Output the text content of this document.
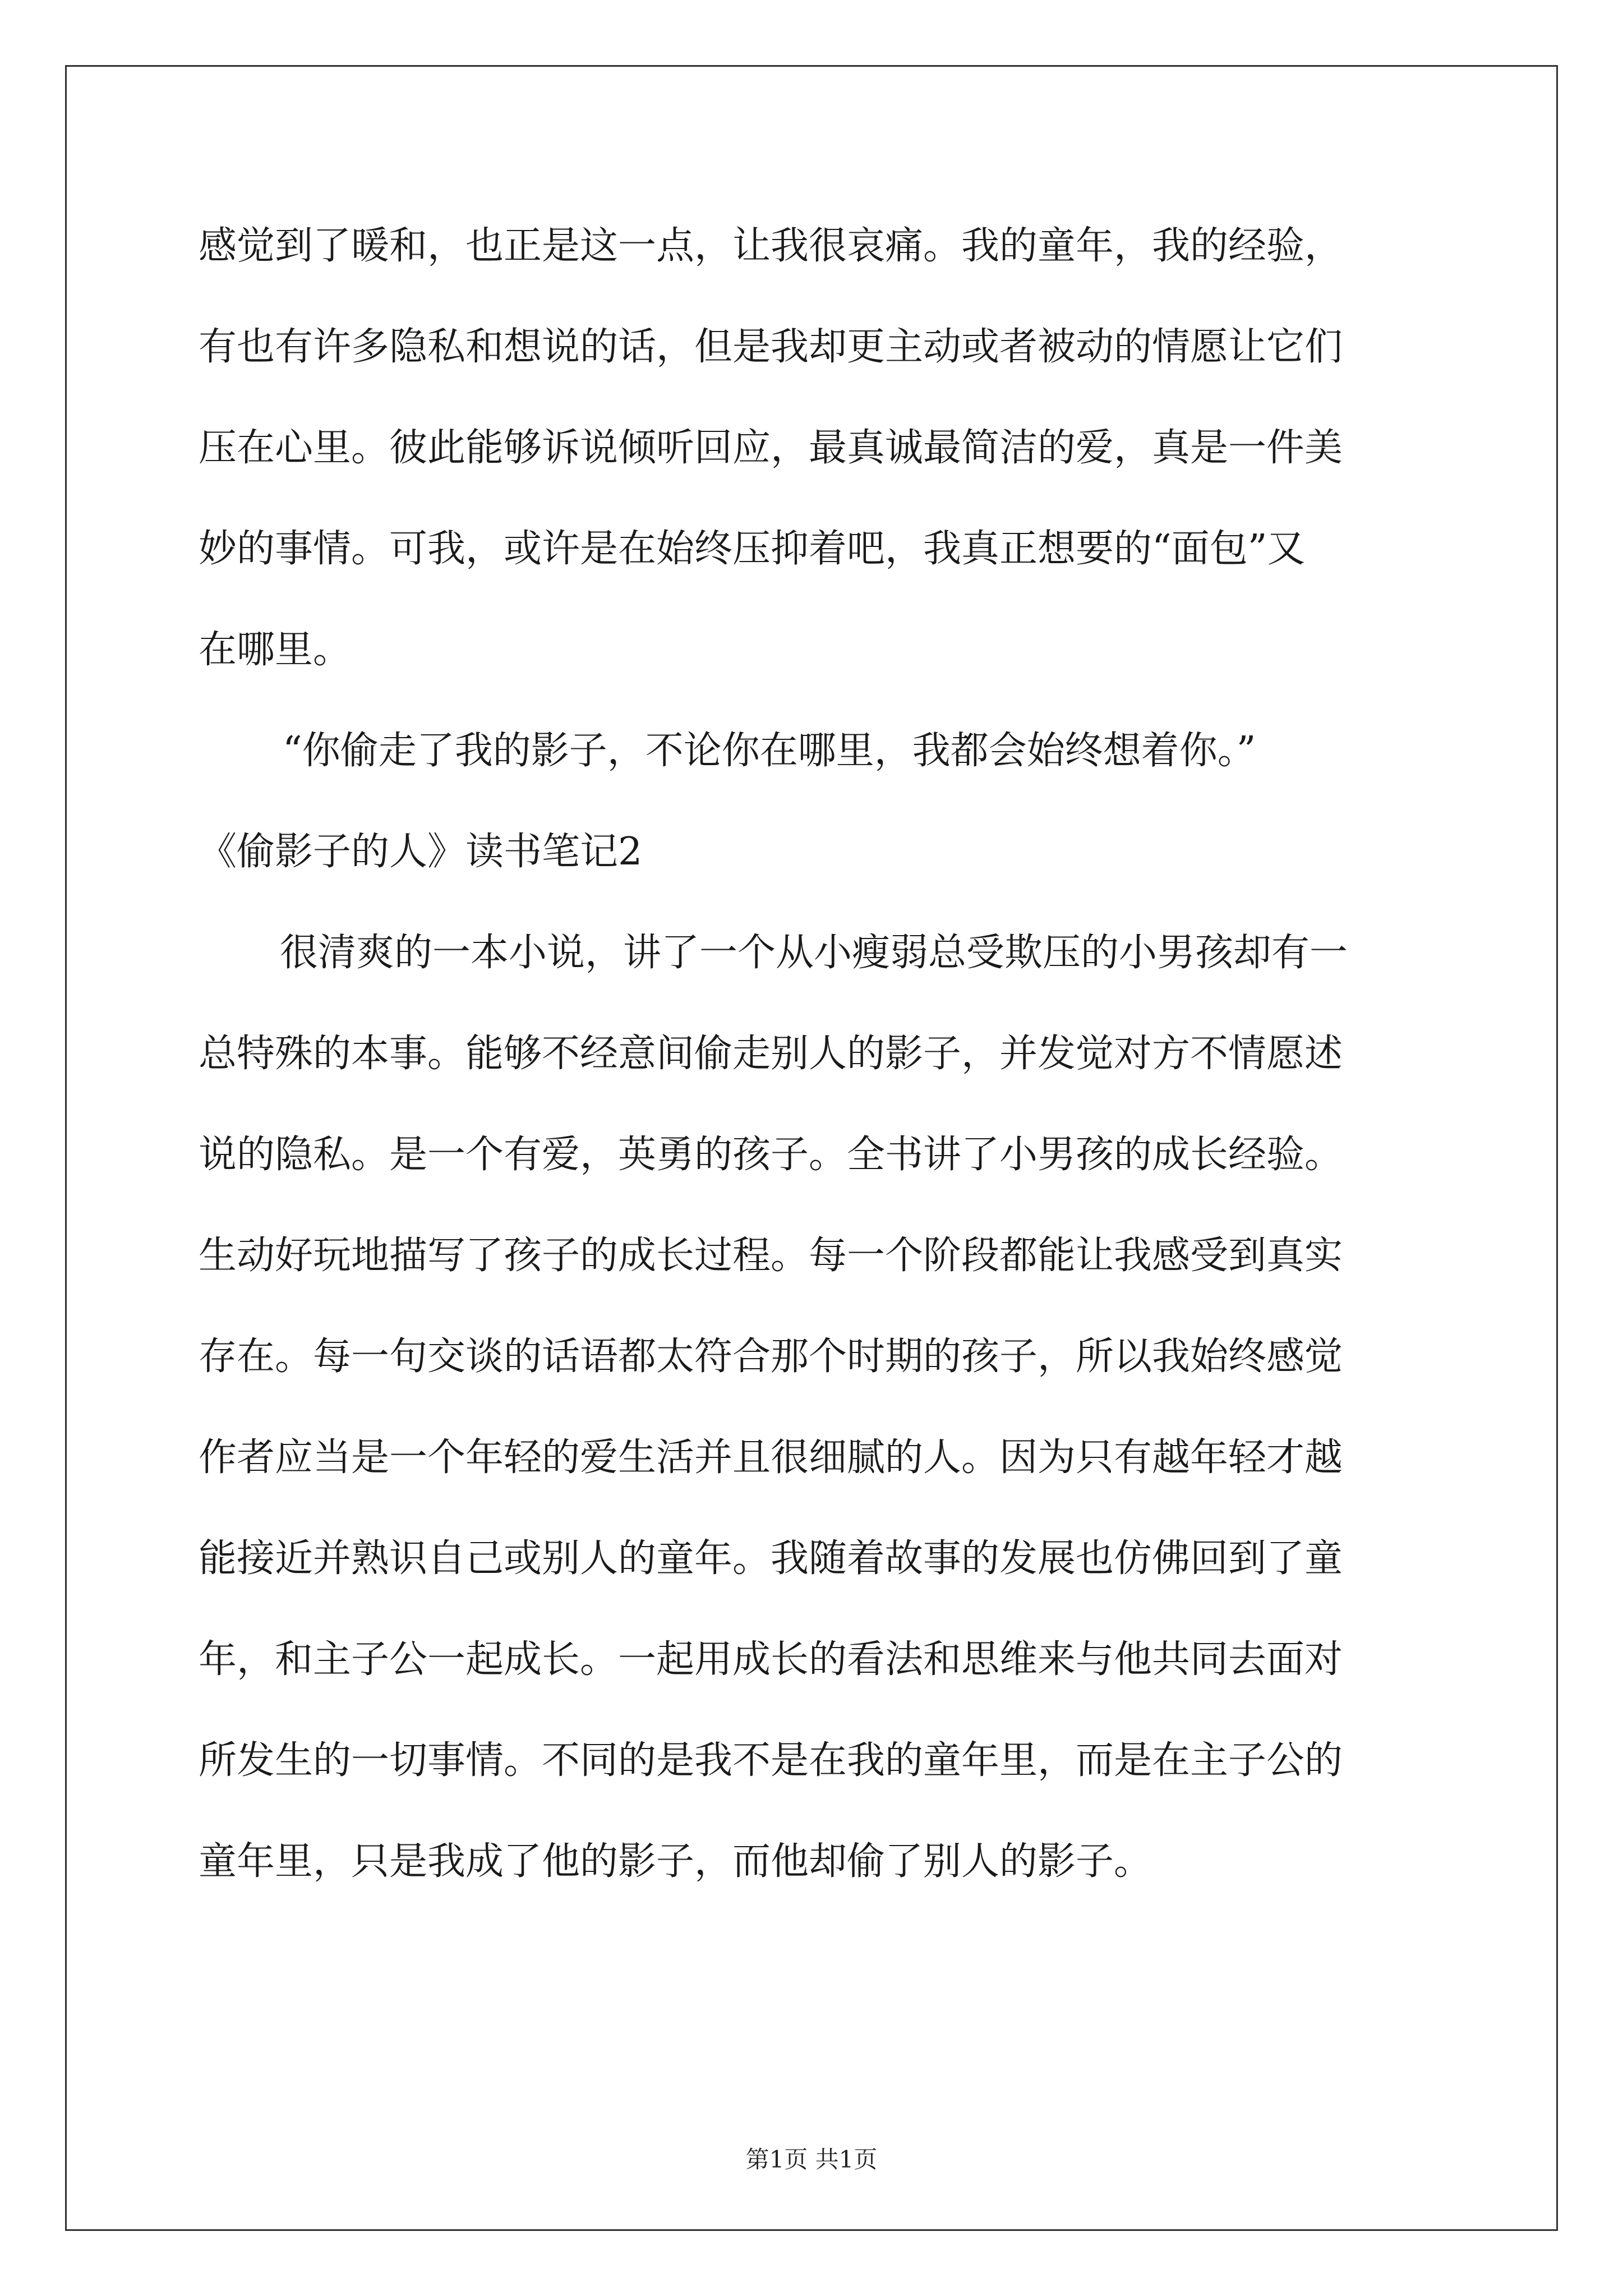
感觉到了暖和，也正是这一点，让我很哀痛。我的童年，我的经验，
有也有许多隐私和想说的话，但是我却更主动或者被动的情愿让它们
压在心里。彼此能够诉说倾听回应，最真诚最简洁的爱，真是一件美
妙的事情。可我，或许是在始终压抑着吧，我真正想要的“面包”又
在哪里。
“你偷走了我的影子，不论你在哪里，我都会始终想着你。”
《偷影子的人》读书笔记2
很清爽的一本小说，讲了一个从小瘦弱总受欺压的小男孩却有一
总特殊的本事。能够不经意间偷走别人的影子，并发觉对方不情愿述
说的隐私。是一个有爱，英勇的孩子。全书讲了小男孩的成长经验。
生动好玩地描写了孩子的成长过程。每一个阶段都能让我感受到真实
存在。每一句交谈的话语都太符合那个时期的孩子，所以我始终感觉
作者应当是一个年轻的爱生活并且很细腻的人。因为只有越年轻才越
能接近并熟识自己或别人的童年。我随着故事的发展也仿佛回到了童
年，和主子公一起成长。一起用成长的看法和思维来与他共同去面对
所发生的一切事情。不同的是我不是在我的童年里，而是在主子公的
童年里，只是我成了他的影子，而他却偷了别人的影子。
第1页 共1页
